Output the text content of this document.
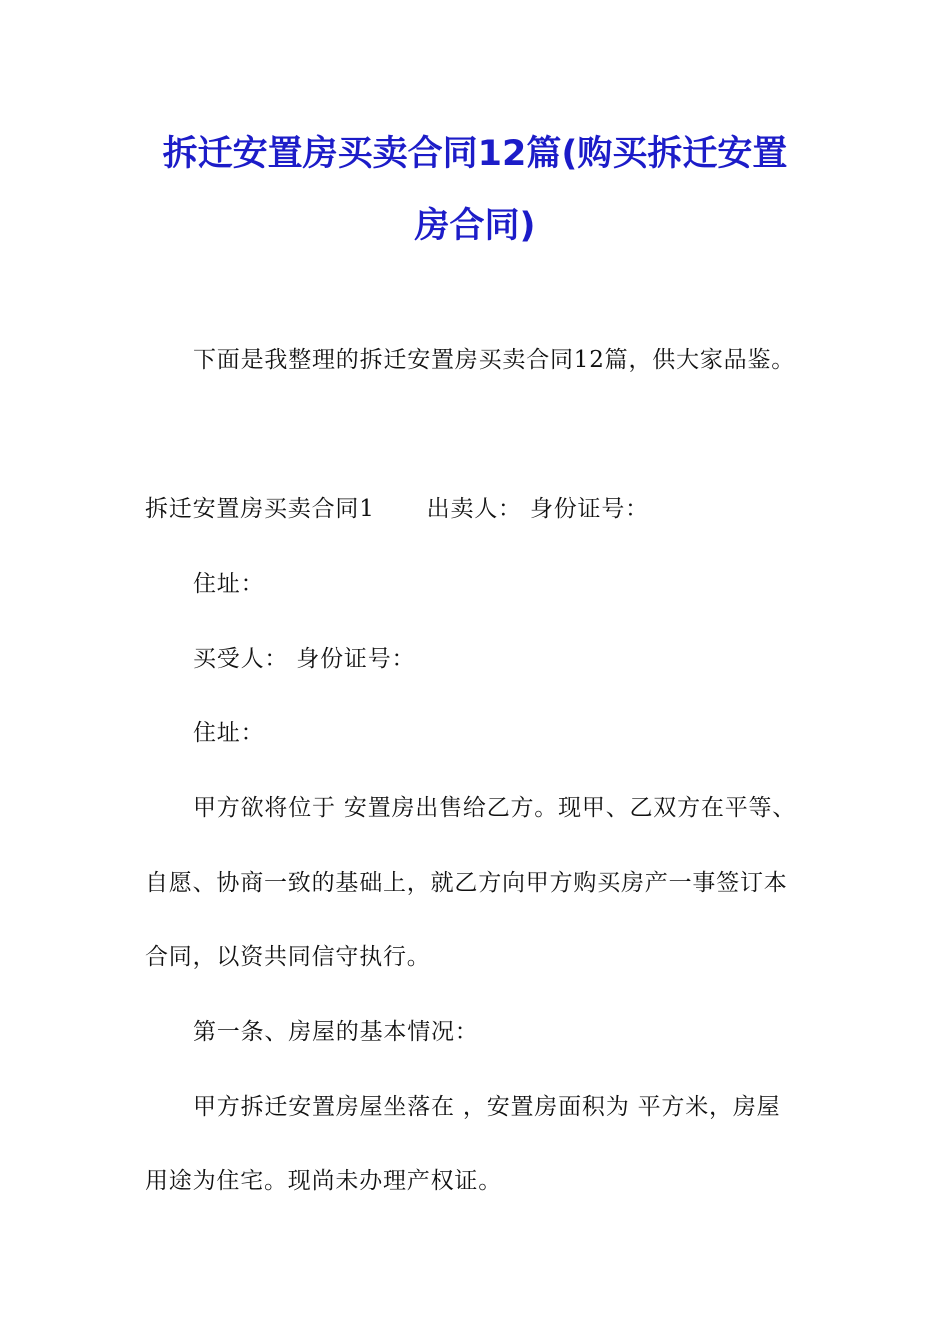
拆迁安置房买卖合同12篇(购买拆迁安置
房合同)

下面是我整理的拆迁安置房买卖合同12篇，供大家品鉴。

拆迁安置房买卖合同1 出卖人： 身份证号：

住址：

买受人： 身份证号：

住址：

甲方欲将位于 安置房出售给乙方。现甲、乙双方在平等、

自愿、协商一致的基础上，就乙方向甲方购买房产一事签订本

合同，以资共同信守执行。

第一条、房屋的基本情况：

甲方拆迁安置房屋坐落在 ，安置房面积为 平方米，房屋

用途为住宅。现尚未办理产权证。
